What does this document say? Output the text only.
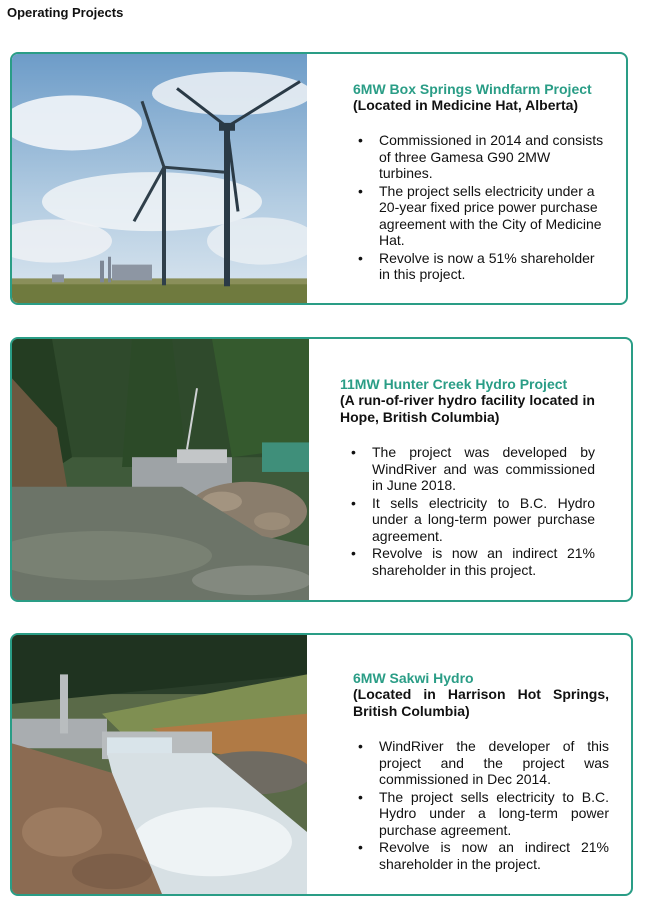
Operating Projects
6MW Box Springs Windfarm Project
(Located in Medicine Hat, Alberta)
• Commissioned in 2014 and consists of three Gamesa G90 2MW turbines.
• The project sells electricity under a 20-year fixed price power purchase agreement with the City of Medicine Hat.
• Revolve is now a 51% shareholder in this project.
11MW Hunter Creek Hydro Project
(A run-of-river hydro facility located in Hope, British Columbia)
• The project was developed by WindRiver and was commissioned in June 2018.
• It sells electricity to B.C. Hydro under a long-term power purchase agreement.
• Revolve is now an indirect 21% shareholder in this project.
6MW Sakwi Hydro
(Located in Harrison Hot Springs, British Columbia)
• WindRiver the developer of this project and the project was commissioned in Dec 2014.
• The project sells electricity to B.C. Hydro under a long-term power purchase agreement.
• Revolve is now an indirect 21% shareholder in the project.
